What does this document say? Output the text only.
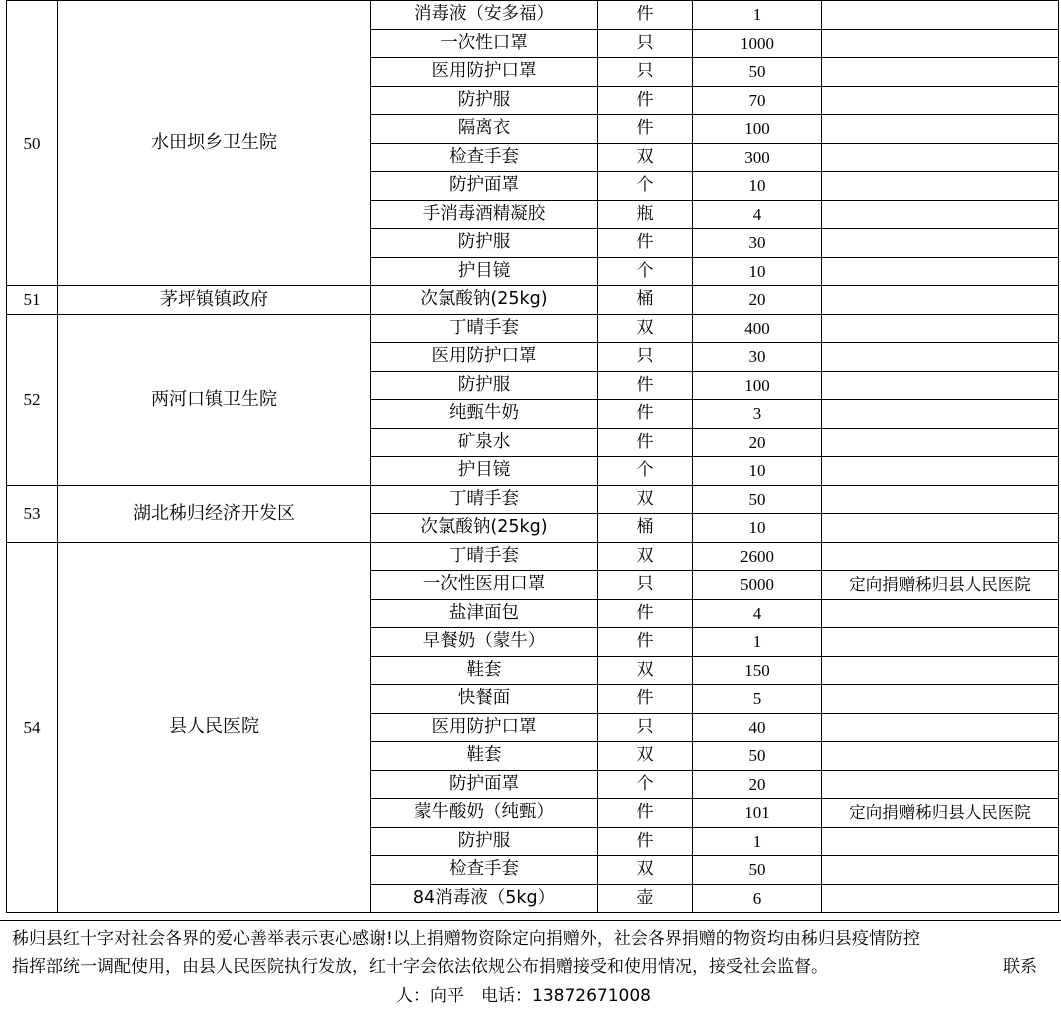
50	水田坝乡卫生院	消毒液（安多福）	件	1	
		一次性口罩	只	1000	
		医用防护口罩	只	50	
		防护服	件	70	
		隔离衣	件	100	
		检查手套	双	300	
		防护面罩	个	10	
		手消毒酒精凝胶	瓶	4	
		防护服	件	30	
		护目镜	个	10	
51	茅坪镇镇政府	次氯酸钠(25kg)	桶	20	
52	两河口镇卫生院	丁晴手套	双	400	
		医用防护口罩	只	30	
		防护服	件	100	
		纯甄牛奶	件	3	
		矿泉水	件	20	
		护目镜	个	10	
53	湖北秭归经济开发区	丁晴手套	双	50	
		次氯酸钠(25kg)	桶	10	
54	县人民医院	丁晴手套	双	2600	
		一次性医用口罩	只	5000	定向捐赠秭归县人民医院
		盐津面包	件	4	
		早餐奶（蒙牛）	件	1	
		鞋套	双	150	
		快餐面	件	5	
		医用防护口罩	只	40	
		鞋套	双	50	
		防护面罩	个	20	
		蒙牛酸奶（纯甄）	件	101	定向捐赠秭归县人民医院
		防护服	件	1	
		检查手套	双	50	
		84消毒液（5kg）	壶	6	
秭归县红十字对社会各界的爱心善举表示衷心感谢!以上捐赠物资除定向捐赠外，社会各界捐赠的物资均由秭归县疫情防控
指挥部统一调配使用，由县人民医院执行发放，红十字会依法依规公布捐赠接受和使用情况，接受社会监督。	联系
人：向平　电话：13872671008
